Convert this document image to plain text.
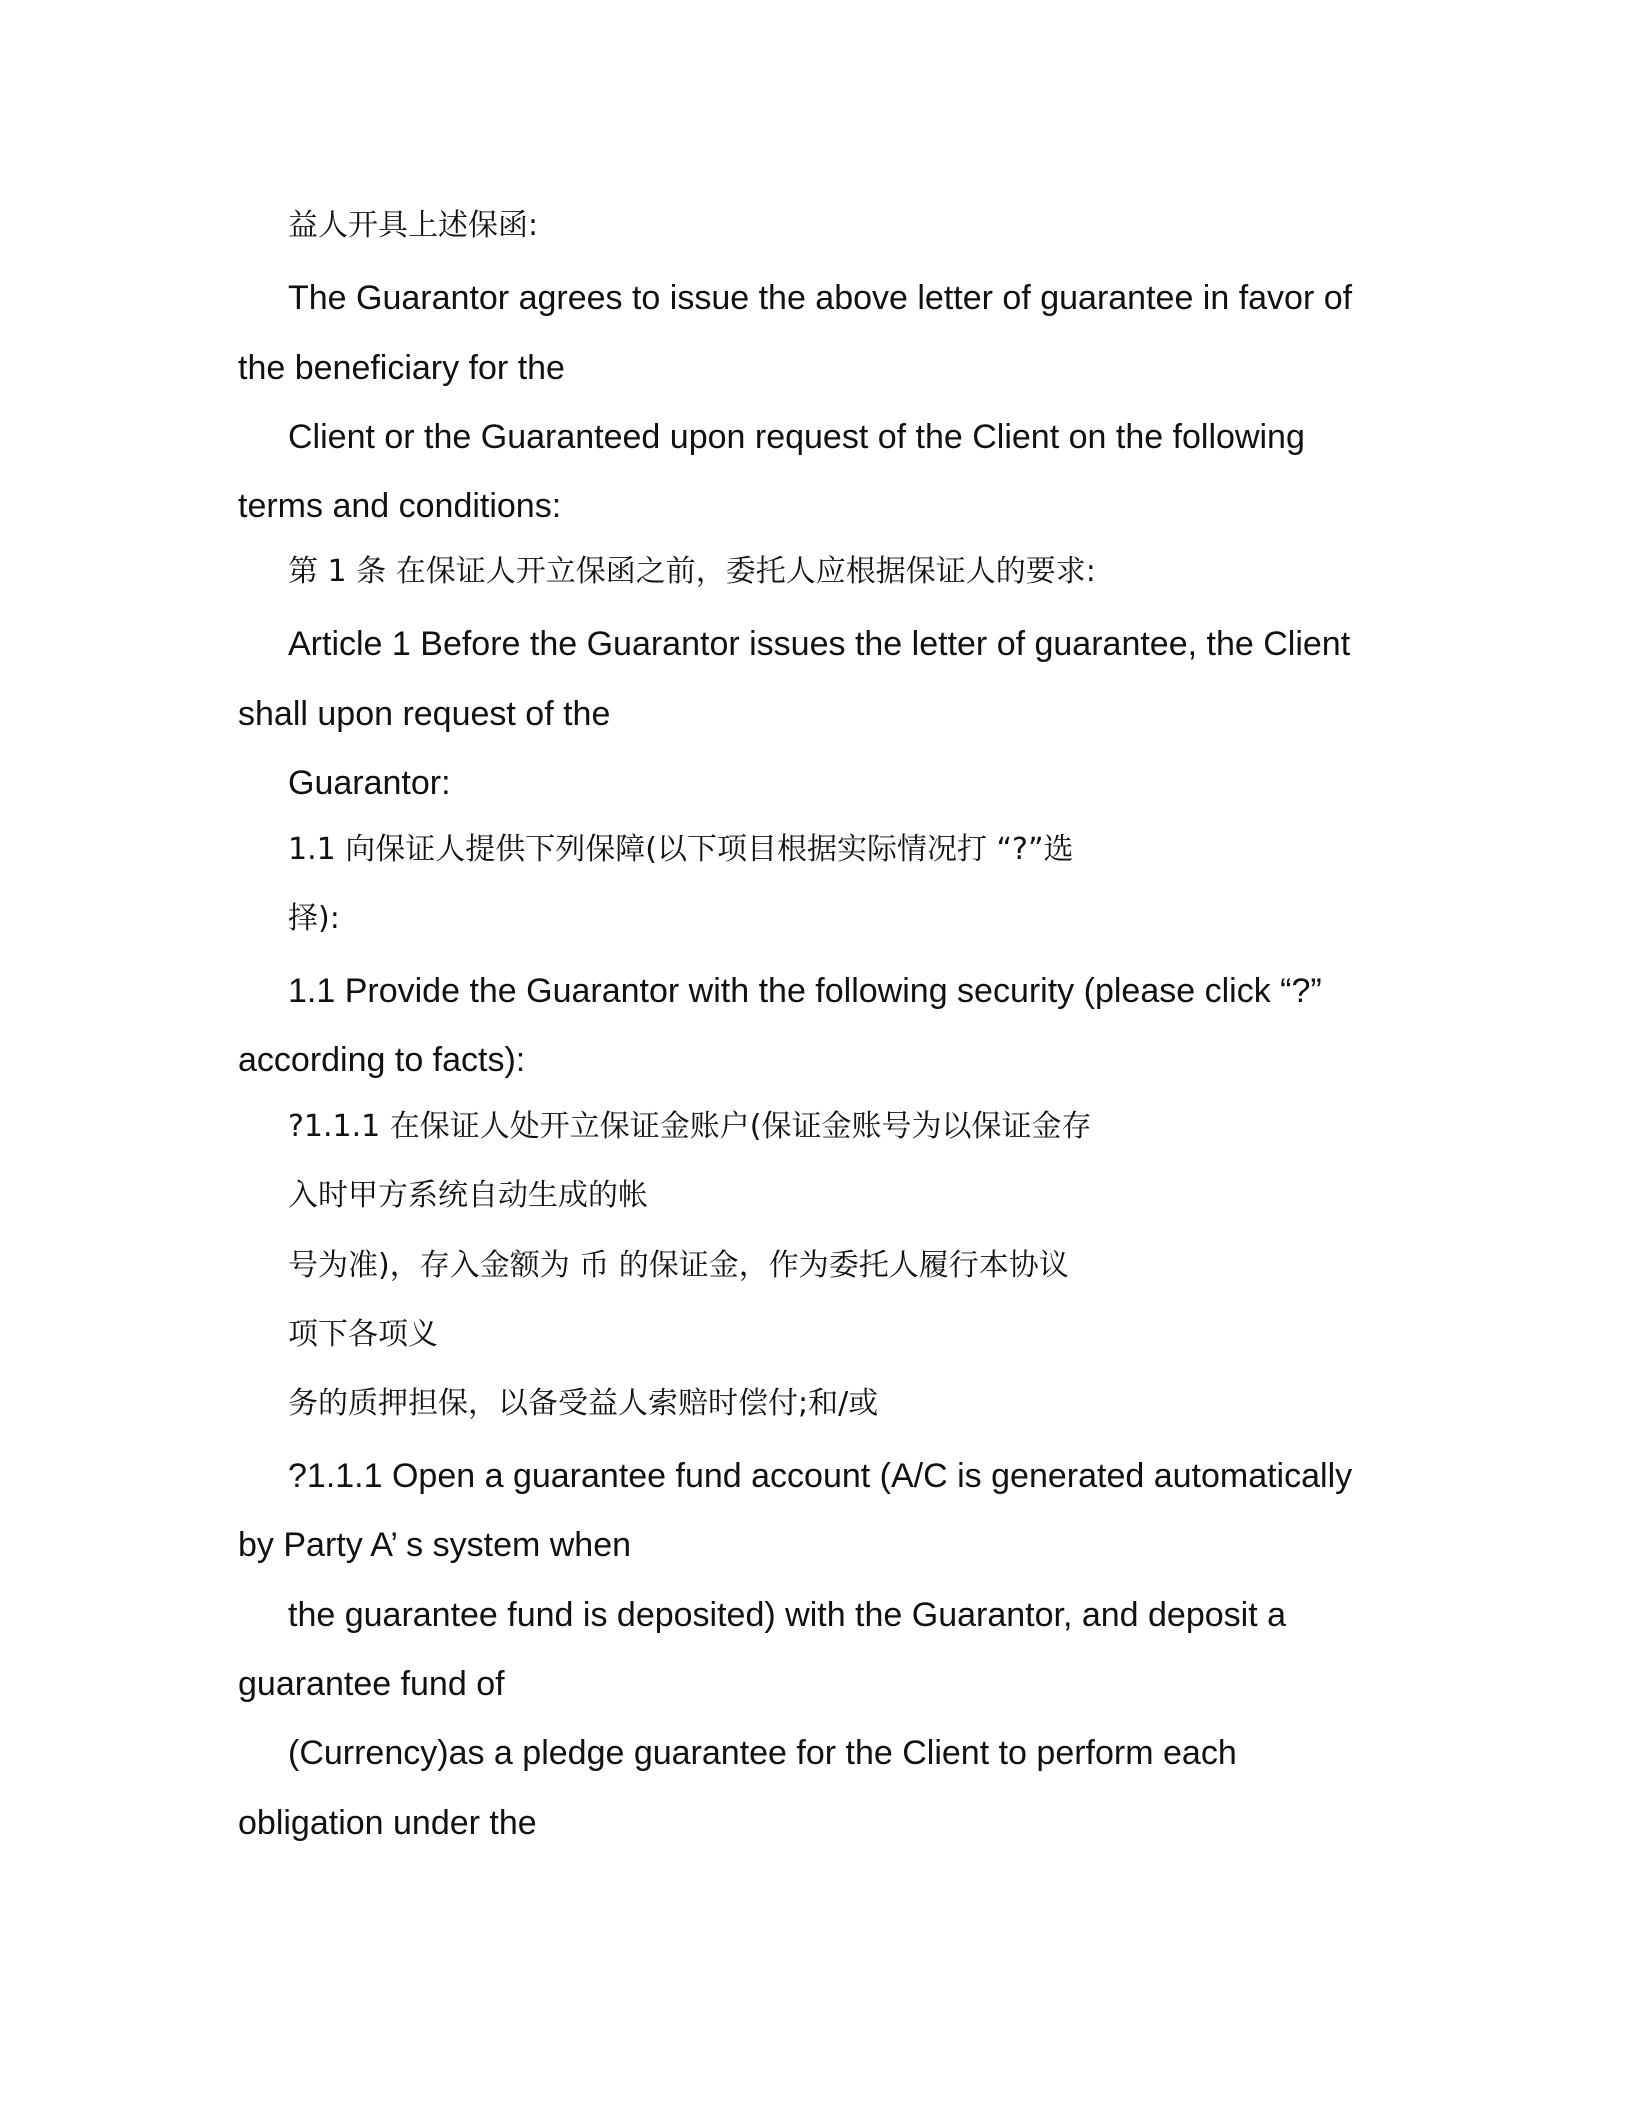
益人开具上述保函:
The Guarantor agrees to issue the above letter of guarantee in favor of
the beneficiary for the
Client or the Guaranteed upon request of the Client on the following
terms and conditions:
第 1 条 在保证人开立保函之前，委托人应根据保证人的要求:
Article 1 Before the Guarantor issues the letter of guarantee, the Client
shall upon request of the
Guarantor:
1.1 向保证人提供下列保障(以下项目根据实际情况打 “?”选
择):
1.1 Provide the Guarantor with the following security (please click “?”
according to facts):
?1.1.1 在保证人处开立保证金账户(保证金账号为以保证金存
入时甲方系统自动生成的帐
号为准)，存入金额为 币 的保证金，作为委托人履行本协议
项下各项义
务的质押担保，以备受益人索赔时偿付;和/或
?1.1.1 Open a guarantee fund account (A/C is generated automatically
by Party A’ s system when
the guarantee fund is deposited) with the Guarantor, and deposit a
guarantee fund of
(Currency)as a pledge guarantee for the Client to perform each
obligation under the
